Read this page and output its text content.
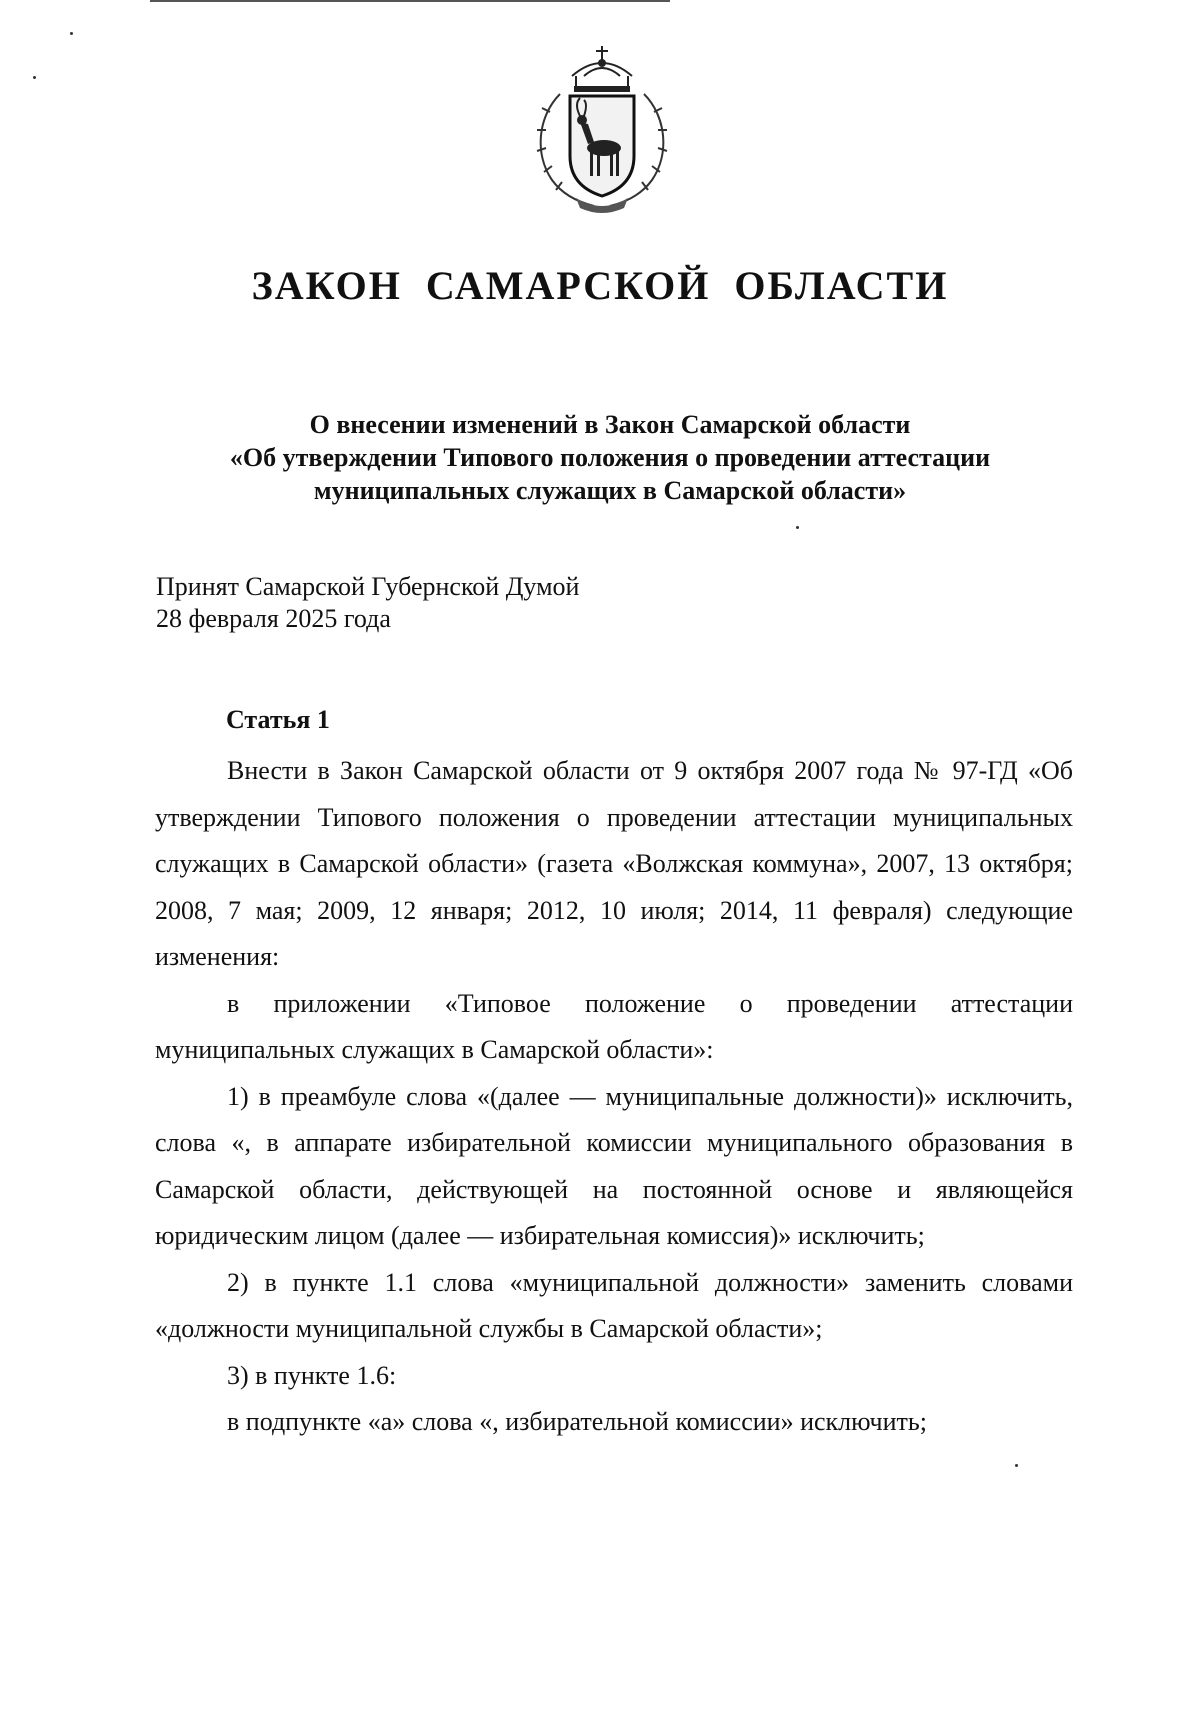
ЗАКОН  САМАРСКОЙ  ОБЛАСТИ
О внесении изменений в Закон Самарской области
«Об утверждении Типового положения о проведении аттестации
муниципальных служащих в Самарской области»
Принят Самарской Губернской Думой
28 февраля 2025 года
Статья 1

Внести в Закон Самарской области от 9 октября 2007 года № 97-ГД «Об утверждении Типового положения о проведении аттестации муниципальных служащих в Самарской области» (газета «Волжская коммуна», 2007, 13 октября; 2008, 7 мая; 2009, 12 января; 2012, 10 июля; 2014, 11 февраля) следующие изменения:

в приложении «Типовое положение о проведении аттестации муниципальных служащих в Самарской области»:

1) в преамбуле слова «(далее — муниципальные должности)» исключить, слова «, в аппарате избирательной комиссии муниципального образования в Самарской области, действующей на постоянной основе и являющейся юридическим лицом (далее — избирательная комиссия)» исключить;

2) в пункте 1.1 слова «муниципальной должности» заменить словами «должности муниципальной службы в Самарской области»;

3) в пункте 1.6:

в подпункте «а» слова «, избирательной комиссии» исключить;
